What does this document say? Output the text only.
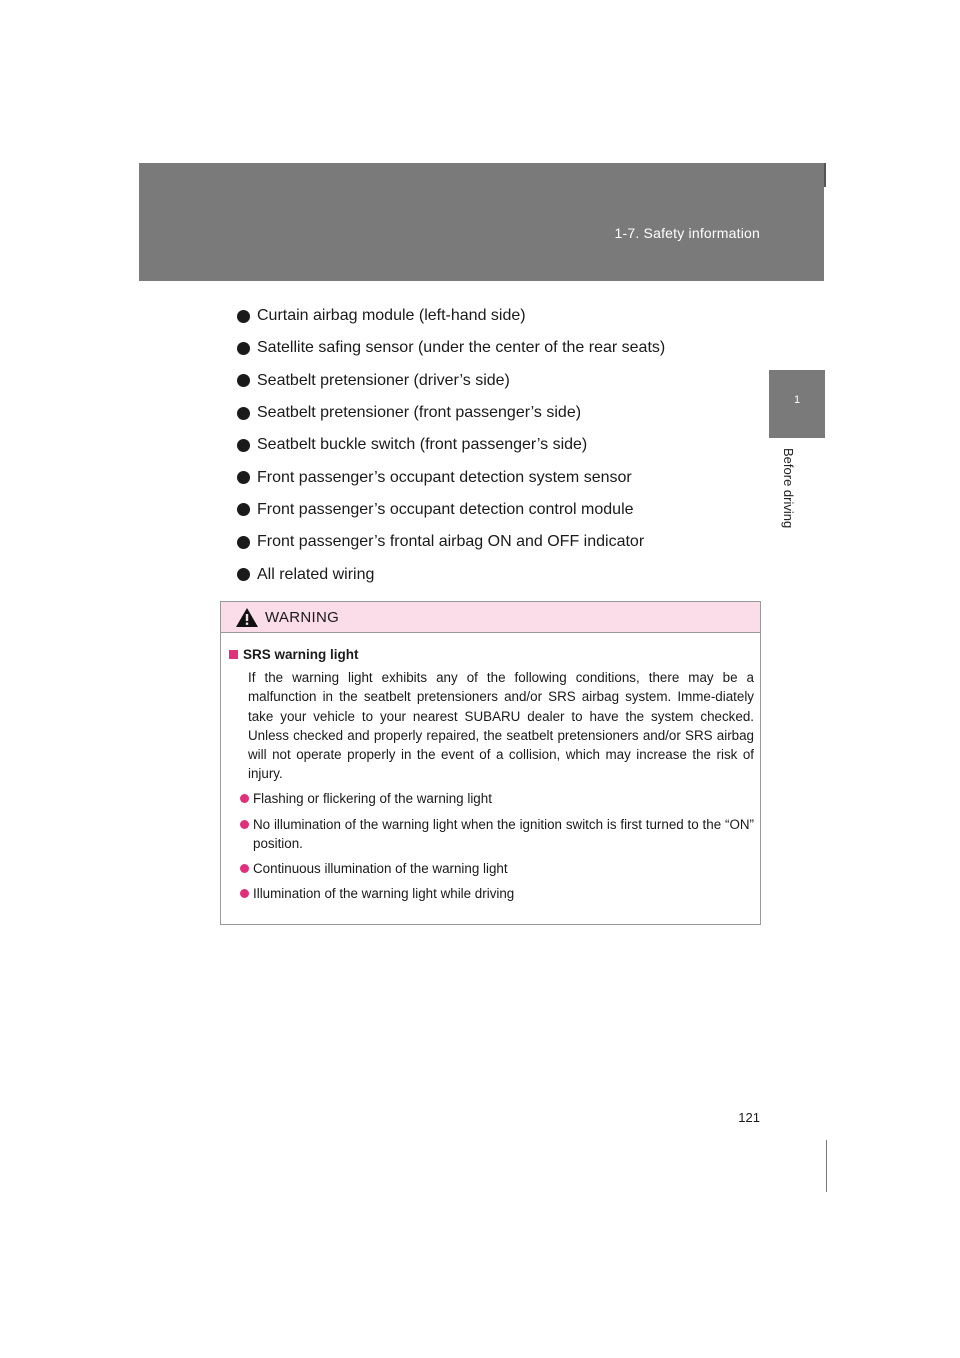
1-7. Safety information
1
Before driving
Curtain airbag module (left-hand side)
Satellite safing sensor (under the center of the rear seats)
Seatbelt pretensioner (driver’s side)
Seatbelt pretensioner (front passenger’s side)
Seatbelt buckle switch (front passenger’s side)
Front passenger’s occupant detection system sensor
Front passenger’s occupant detection control module
Front passenger’s frontal airbag ON and OFF indicator
All related wiring
WARNING
SRS warning light
If the warning light exhibits any of the following conditions, there may be a malfunction in the seatbelt pretensioners and/or SRS airbag system. Imme-diately take your vehicle to your nearest SUBARU dealer to have the system checked. Unless checked and properly repaired, the seatbelt pretensioners and/or SRS airbag will not operate properly in the event of a collision, which may increase the risk of injury.
Flashing or flickering of the warning light
No illumination of the warning light when the ignition switch is first turned to the “ON” position.
Continuous illumination of the warning light
Illumination of the warning light while driving
121
